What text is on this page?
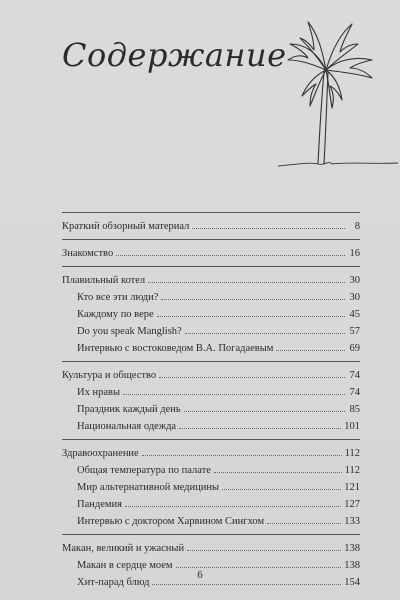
Содержание
Краткий обзорный материал	8
Знакомство	16
Плавильный котел	30
Кто все эти люди?	30
Каждому по вере	45
Do you speak Manglish?	57
Интервью с востоковедом В.А. Погадаевым	69
Культура и общество	74
Их нравы	74
Праздник каждый день	85
Национальная одежда	101
Здравоохранение	112
Общая температура по палате	112
Мир альтернативной медицины	121
Пандемия	127
Интервью с доктором Харвином Сингхом	133
Макан, великий и ужасный	138
Макан в сердце моем	138
Хит-парад блюд	154
6
